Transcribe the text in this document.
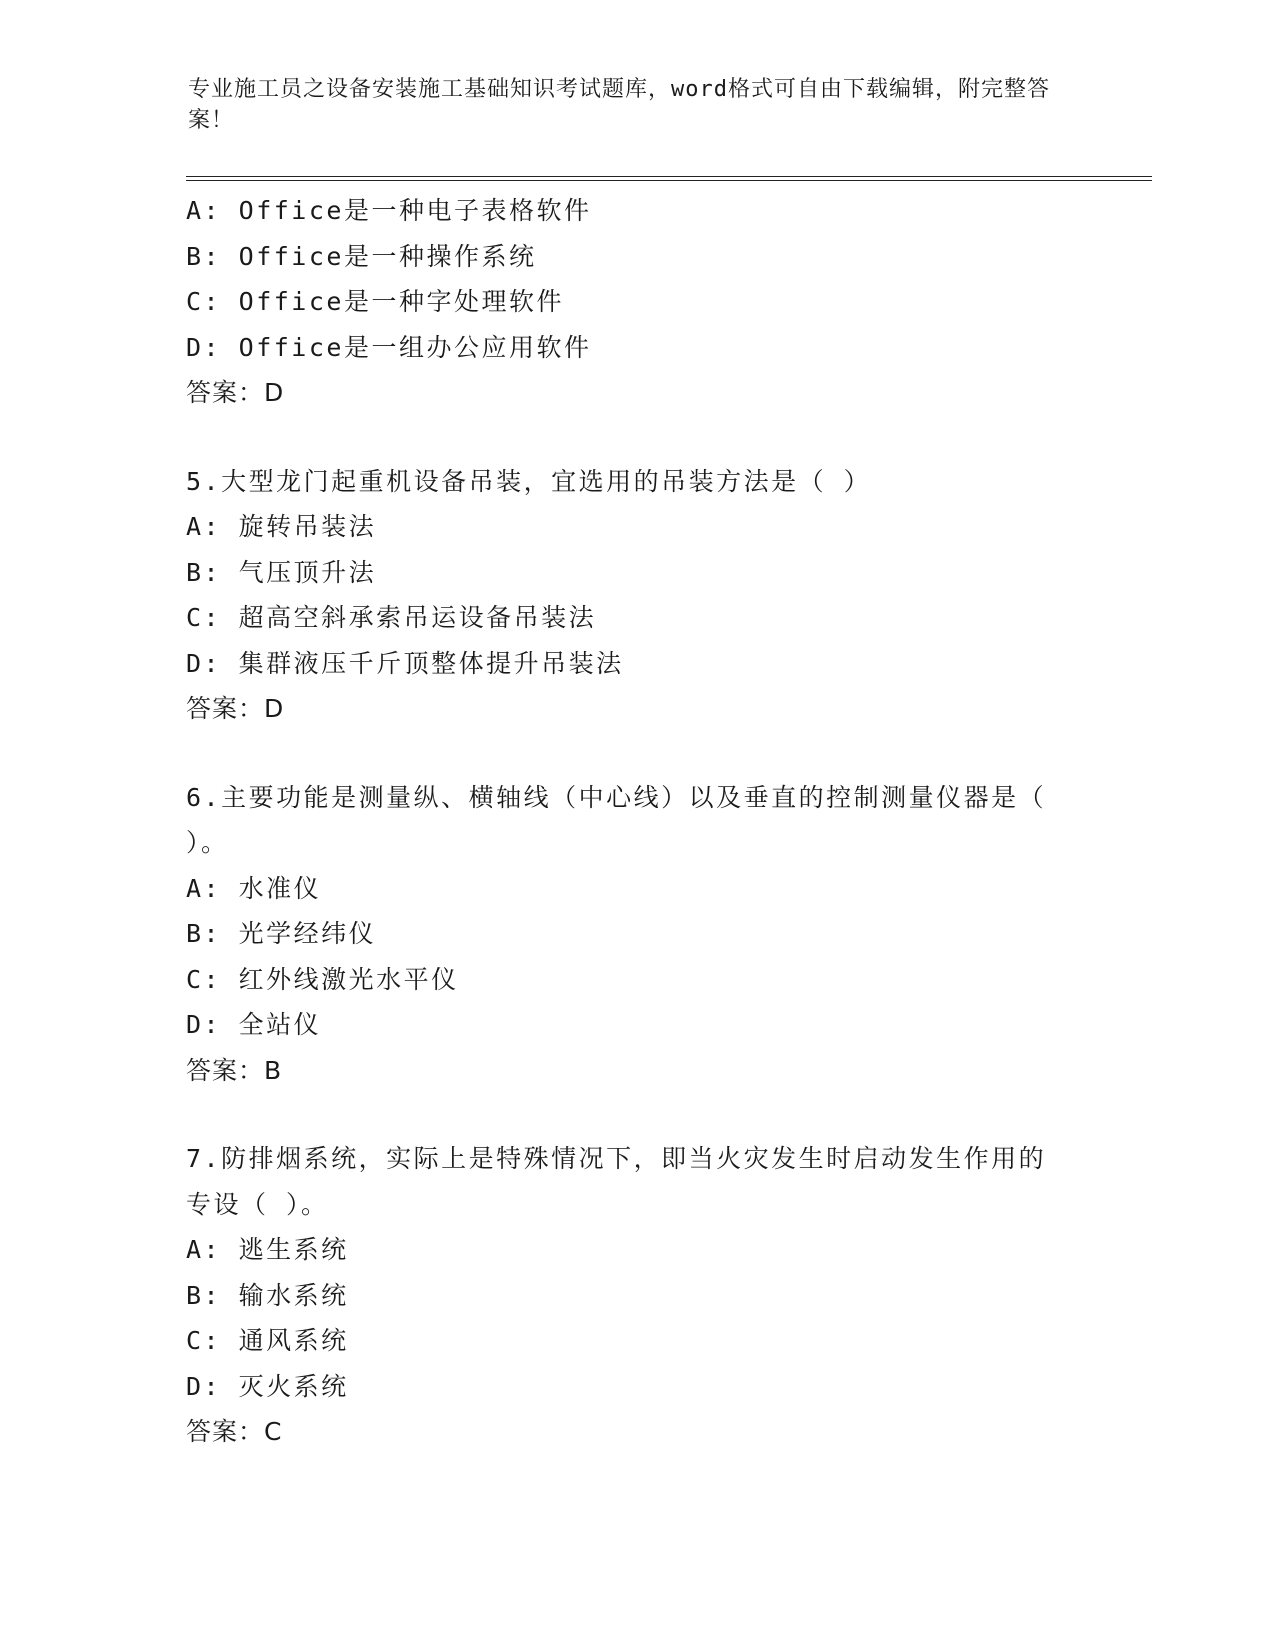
专业施工员之设备安装施工基础知识考试题库，word格式可自由下载编辑，附完整答案！
A: Office是一种电子表格软件
B: Office是一种操作系统
C: Office是一种字处理软件
D: Office是一组办公应用软件
答案：D
5.大型龙门起重机设备吊装，宜选用的吊装方法是（ ）
A: 旋转吊装法
B: 气压顶升法
C: 超高空斜承索吊运设备吊装法
D: 集群液压千斤顶整体提升吊装法
答案：D
6.主要功能是测量纵、横轴线（中心线）以及垂直的控制测量仪器是（ ）。
A: 水准仪
B: 光学经纬仪
C: 红外线激光水平仪
D: 全站仪
答案：B
7.防排烟系统，实际上是特殊情况下，即当火灾发生时启动发生作用的专设（ ）。
A: 逃生系统
B: 输水系统
C: 通风系统
D: 灭火系统
答案：C
